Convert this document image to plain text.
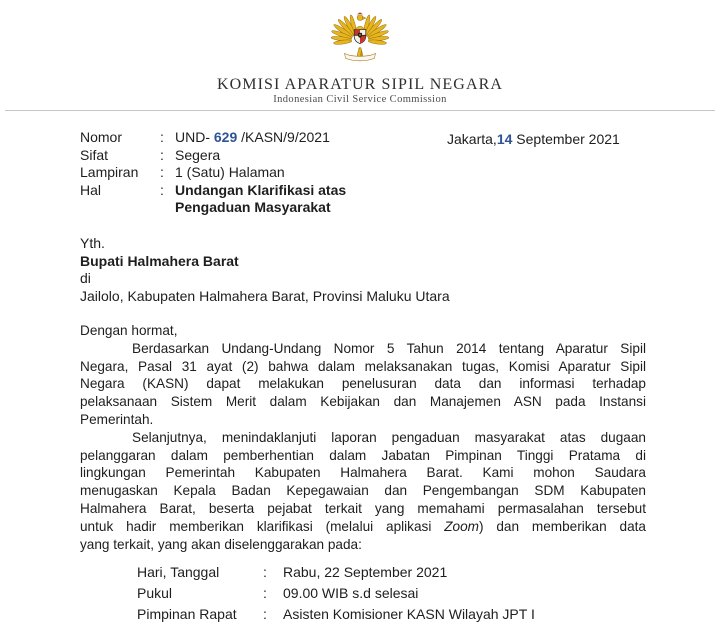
KOMISI APARATUR SIPIL NEGARA
Indonesian Civil Service Commission
Jakarta,14 September 2021
Nomor	: UND- 629 /KASN/9/2021
Sifat	: Segera
Lampiran	: 1 (Satu) Halaman
Hal	: Undangan Klarifikasi atas
Pengaduan Masyarakat
Yth.
Bupati Halmahera Barat
di
Jailolo, Kabupaten Halmahera Barat, Provinsi Maluku Utara
Dengan hormat,
Berdasarkan Undang-Undang Nomor 5 Tahun 2014 tentang Aparatur Sipil
Negara, Pasal 31 ayat (2) bahwa dalam melaksanakan tugas, Komisi Aparatur Sipil
Negara (KASN) dapat melakukan penelusuran data dan informasi terhadap
pelaksanaan Sistem Merit dalam Kebijakan dan Manajemen ASN pada Instansi
Pemerintah.
Selanjutnya, menindaklanjuti laporan pengaduan masyarakat atas dugaan
pelanggaran dalam pemberhentian dalam Jabatan Pimpinan Tinggi Pratama di
lingkungan Pemerintah Kabupaten Halmahera Barat. Kami mohon Saudara
menugaskan Kepala Badan Kepegawaian dan Pengembangan SDM Kabupaten
Halmahera Barat, beserta pejabat terkait yang memahami permasalahan tersebut
untuk hadir memberikan klarifikasi (melalui aplikasi Zoom) dan memberikan data
yang terkait, yang akan diselenggarakan pada:
Hari, Tanggal	:	Rabu, 22 September 2021
Pukul	:	09.00 WIB s.d selesai
Pimpinan Rapat	:	Asisten Komisioner KASN Wilayah JPT I
